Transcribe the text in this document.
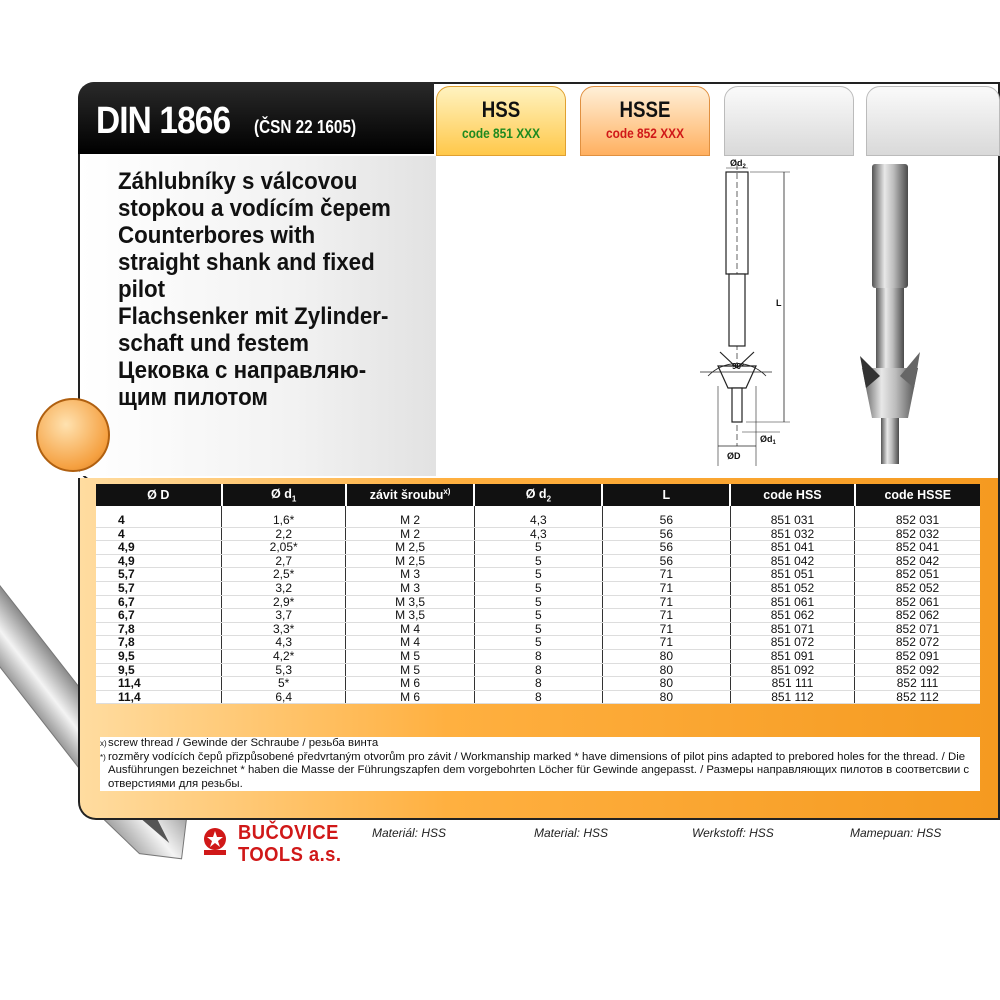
DIN 1866 (ČSN 22 1605)
HSS
code 851 XXX
HSSE
code 852 XXX
Záhlubníky s válcovou
stopkou a vodícím čepem
Counterbores with
straight shank and fixed
pilot
Flachsenker mit Zylinder-
schaft und festem
Цековка с направляю-
щим пилотом
$Ød_2$
L
90°
$Ød_1$
ØD
Ø D	Ø $d_1$	závit šroubu$^{x)}$	Ø $d_2$	L	code HSS	code HSSE

4	1,6*	M 2	4,3	56	851 031	852 031
4	2,2	M 2	4,3	56	851 032	852 032
4,9	2,05*	M 2,5	5	56	851 041	852 041
4,9	2,7	M 2,5	5	56	851 042	852 042
5,7	2,5*	M 3	5	71	851 051	852 051
5,7	3,2	M 3	5	71	851 052	852 052
6,7	2,9*	M 3,5	5	71	851 061	852 061
6,7	3,7	M 3,5	5	71	851 062	852 062
7,8	3,3*	M 4	5	71	851 071	852 071
7,8	4,3	M 4	5	71	851 072	852 072
9,5	4,2*	M 5	8	80	851 091	852 091
9,5	5,3	M 5	8	80	851 092	852 092
11,4	5*	M 6	8	80	851 111	852 111
11,4	6,4	M 6	8	80	851 112	852 112
x) screw thread / Gewinde der Schraube / резьба винта
*) rozměry vodících čepů přizpůsobené předvrtaným otvorům pro závit / Workmanship marked * have dimensions of pilot pins adapted to prebored holes for the thread. / Die Ausführungen bezeichnet * haben die Masse der Führungszapfen dem vorgebohrten Löcher für Gewinde angepasst. / Размеры направляющих пилотов в соответсвии с отверстиями для резьбы.
BUČOVICE
TOOLS a.s.
Materiál: HSS	Material: HSS	Werkstoff: HSS	Mamepuan: HSS
